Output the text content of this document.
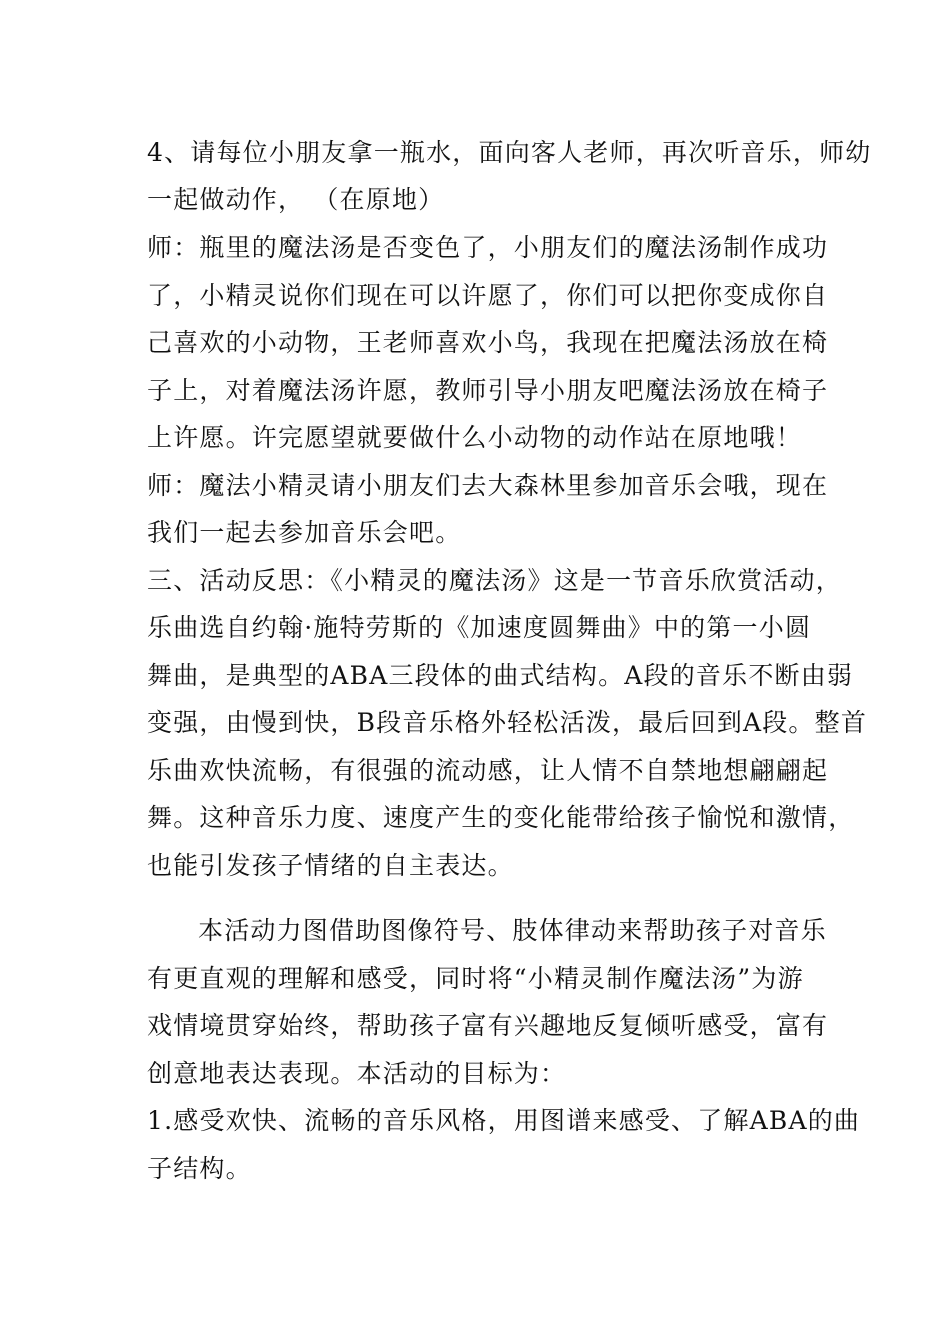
4、请每位小朋友拿一瓶水，面向客人老师，再次听音乐，师幼
一起做动作， （在原地）
师：瓶里的魔法汤是否变色了，小朋友们的魔法汤制作成功
了，小精灵说你们现在可以许愿了，你们可以把你变成你自
己喜欢的小动物，王老师喜欢小鸟，我现在把魔法汤放在椅
子上，对着魔法汤许愿，教师引导小朋友吧魔法汤放在椅子
上许愿。许完愿望就要做什么小动物的动作站在原地哦！
师：魔法小精灵请小朋友们去大森林里参加音乐会哦，现在
我们一起去参加音乐会吧。
三、活动反思：《小精灵的魔法汤》这是一节音乐欣赏活动，
乐曲选自约翰·施特劳斯的《加速度圆舞曲》中的第一小圆
舞曲，是典型的ABA三段体的曲式结构。A段的音乐不断由弱
变强，由慢到快，B段音乐格外轻松活泼，最后回到A段。整首
乐曲欢快流畅，有很强的流动感，让人情不自禁地想翩翩起
舞。这种音乐力度、速度产生的变化能带给孩子愉悦和激情，
也能引发孩子情绪的自主表达。
本活动力图借助图像符号、肢体律动来帮助孩子对音乐
有更直观的理解和感受，同时将“小精灵制作魔法汤”为游
戏情境贯穿始终，帮助孩子富有兴趣地反复倾听感受，富有
创意地表达表现。本活动的目标为：
1.感受欢快、流畅的音乐风格，用图谱来感受、了解ABA的曲
子结构。
